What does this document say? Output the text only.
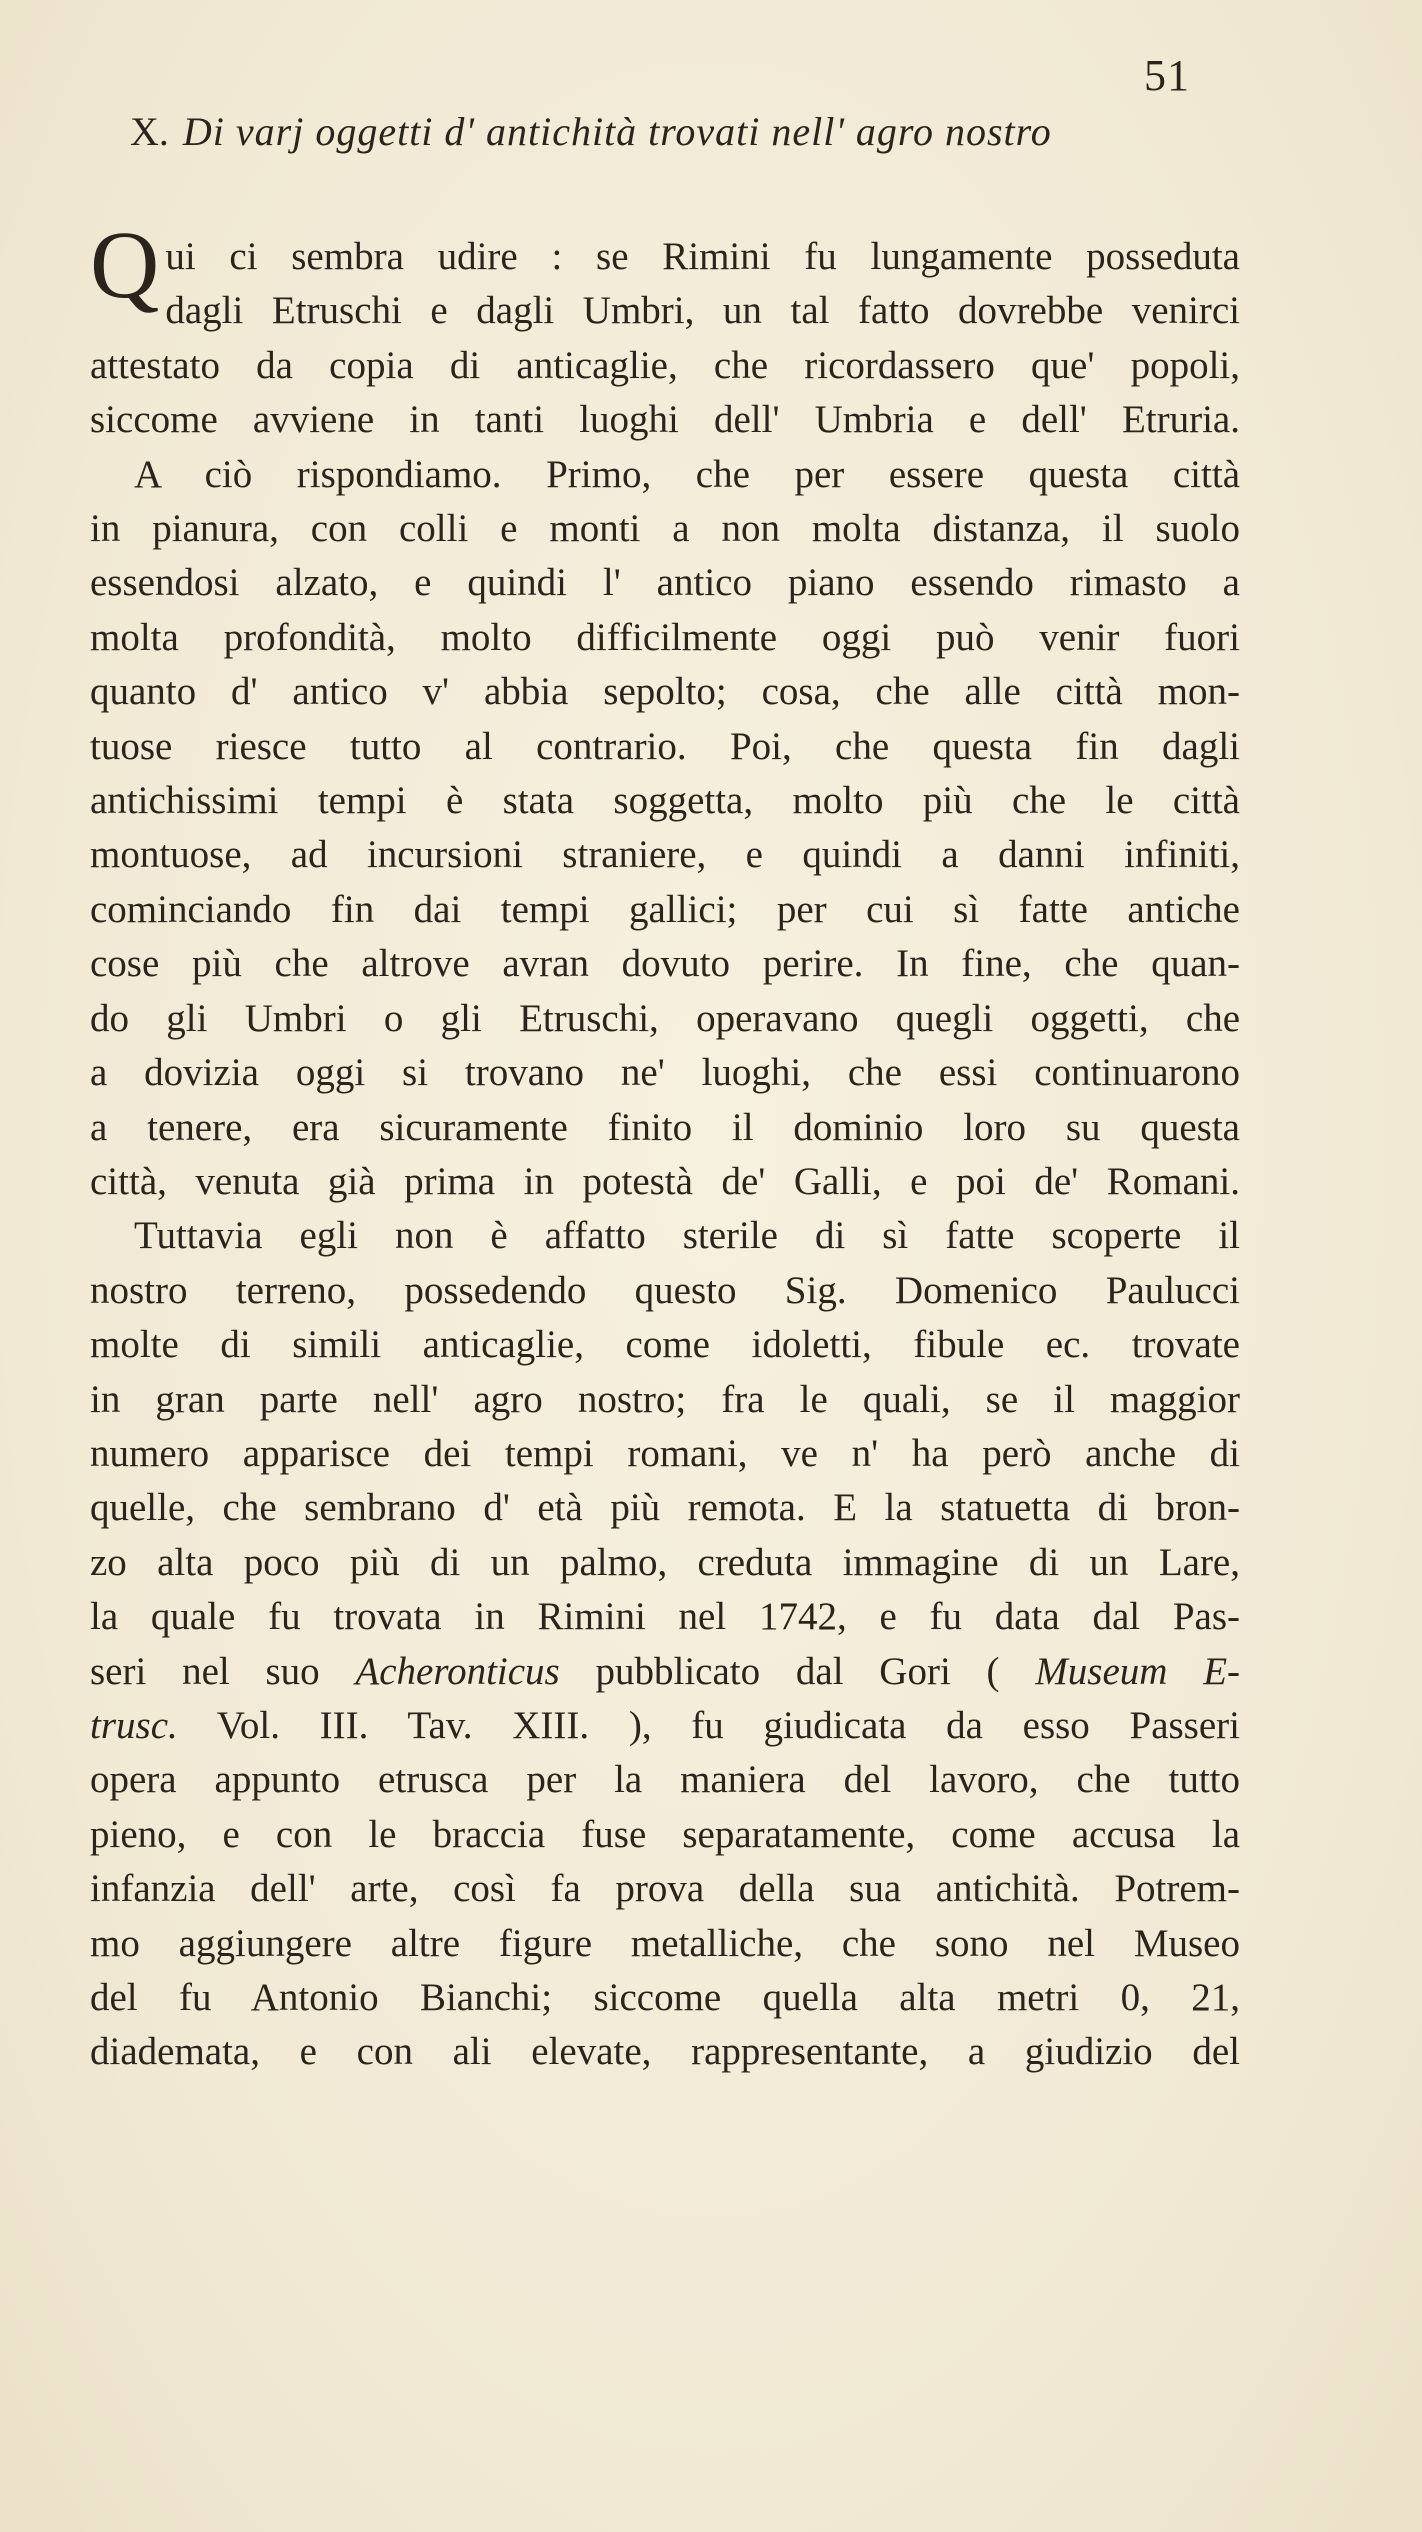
51
X. Di varj oggetti d' antichità trovati nell' agro nostro
Q ui ci sembra udire : se Rimini fu lungamente posseduta
dagli Etruschi e dagli Umbri, un tal fatto dovrebbe venirci
attestato da copia di anticaglie, che ricordassero que' popoli,
siccome avviene in tanti luoghi dell' Umbria e dell' Etruria.
A ciò rispondiamo. Primo, che per essere questa città
in pianura, con colli e monti a non molta distanza, il suolo
essendosi alzato, e quindi l' antico piano essendo rimasto a
molta profondità, molto difficilmente oggi può venir fuori
quanto d' antico v' abbia sepolto; cosa, che alle città mon-
tuose riesce tutto al contrario. Poi, che questa fin dagli
antichissimi tempi è stata soggetta, molto più che le città
montuose, ad incursioni straniere, e quindi a danni infiniti,
cominciando fin dai tempi gallici; per cui sì fatte antiche
cose più che altrove avran dovuto perire. In fine, che quan-
do gli Umbri o gli Etruschi, operavano quegli oggetti, che
a dovizia oggi si trovano ne' luoghi, che essi continuarono
a tenere, era sicuramente finito il dominio loro su questa
città, venuta già prima in potestà de' Galli, e poi de' Romani.
Tuttavia egli non è affatto sterile di sì fatte scoperte il
nostro terreno, possedendo questo Sig. Domenico Paulucci
molte di simili anticaglie, come idoletti, fibule ec. trovate
in gran parte nell' agro nostro; fra le quali, se il maggior
numero apparisce dei tempi romani, ve n' ha però anche di
quelle, che sembrano d' età più remota. E la statuetta di bron-
zo alta poco più di un palmo, creduta immagine di un Lare,
la quale fu trovata in Rimini nel 1742, e fu data dal Pas-
seri nel suo Acheronticus pubblicato dal Gori ( Museum E-
trusc. Vol. III. Tav. XIII. ), fu giudicata da esso Passeri
opera appunto etrusca per la maniera del lavoro, che tutto
pieno, e con le braccia fuse separatamente, come accusa la
infanzia dell' arte, così fa prova della sua antichità. Potrem-
mo aggiungere altre figure metalliche, che sono nel Museo
del fu Antonio Bianchi; siccome quella alta metri 0, 21,
diademata, e con ali elevate, rappresentante, a giudizio del
